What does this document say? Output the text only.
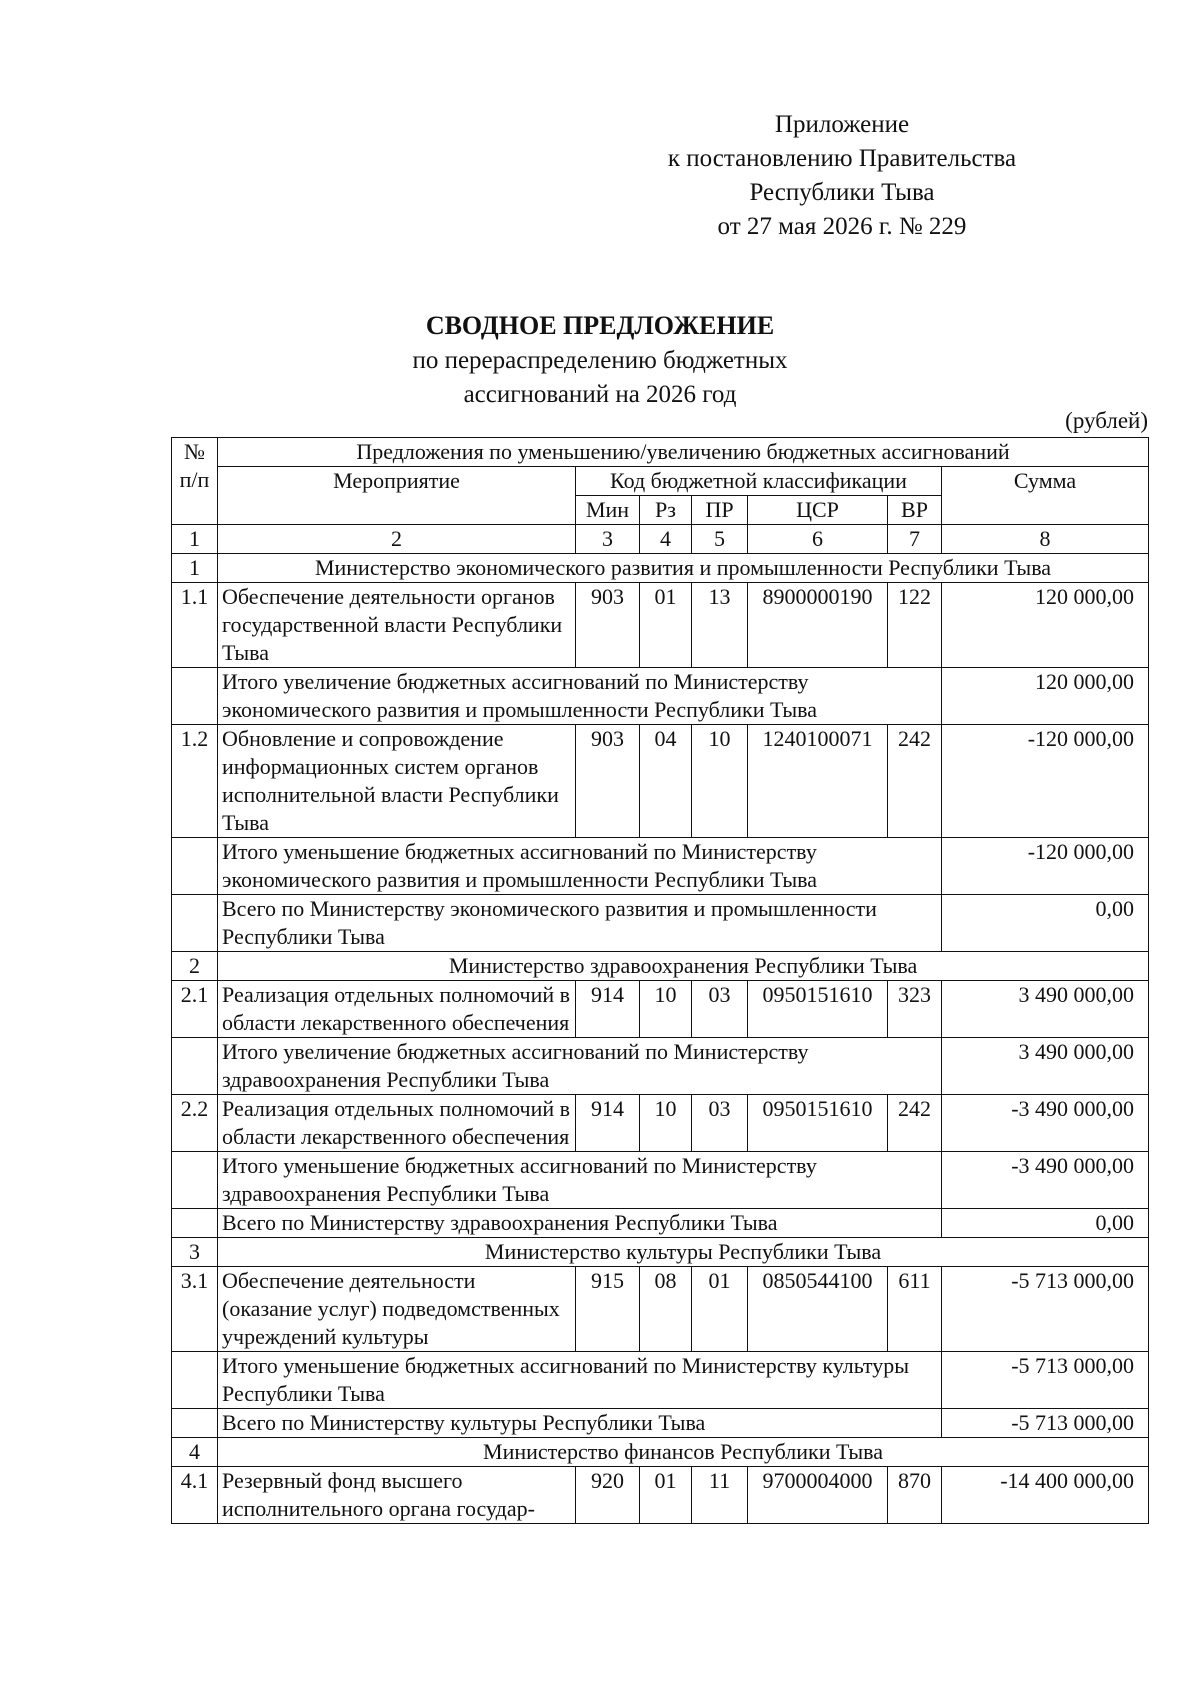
Приложение
к постановлению Правительства
Республики Тыва
от 27 мая 2026 г. № 229
СВОДНОЕ ПРЕДЛОЖЕНИЕ
по перераспределению бюджетных
ассигнований на 2026 год
(рублей)
№
п/п	Предложения по уменьшению/увеличению бюджетных ассигнований						
	Мероприятие	Код бюджетной классификации					Сумма
		Мин	Рз	ПР	ЦСР	ВР	
1	2	3	4	5	6	7	8
1	Министерство экономического развития и промышленности Республики Тыва						
1.1	Обеспечение деятельности органов государственной власти Республики Тыва	903	01	13	8900000190	122	120 000,00
	Итого увеличение бюджетных ассигнований по Министерству экономического развития и промышленности Республики Тыва						120 000,00
1.2	Обновление и сопровождение информационных систем органов исполнительной власти Республики Тыва	903	04	10	1240100071	242	-120 000,00
	Итого уменьшение бюджетных ассигнований по Министерству экономического развития и промышленности Республики Тыва						-120 000,00
	Всего по Министерству экономического развития и промышленности Республики Тыва						0,00
2	Министерство здравоохранения Республики Тыва						
2.1	Реализация отдельных полномочий в области лекарственного обеспечения	914	10	03	0950151610	323	3 490 000,00
	Итого увеличение бюджетных ассигнований по Министерству здравоохранения Республики Тыва						3 490 000,00
2.2	Реализация отдельных полномочий в области лекарственного обеспечения	914	10	03	0950151610	242	-3 490 000,00
	Итого уменьшение бюджетных ассигнований по Министерству здравоохранения Республики Тыва						-3 490 000,00
	Всего по Министерству здравоохранения Республики Тыва						0,00
3	Министерство культуры Республики Тыва						
3.1	Обеспечение деятельности (оказание услуг) подведомственных учреждений культуры	915	08	01	0850544100	611	-5 713 000,00
	Итого уменьшение бюджетных ассигнований по Министерству культуры Республики Тыва						-5 713 000,00
	Всего по Министерству культуры Республики Тыва						-5 713 000,00
4	Министерство финансов Республики Тыва						
4.1	Резервный фонд высшего исполнительного органа государ-	920	01	11	9700004000	870	-14 400 000,00
